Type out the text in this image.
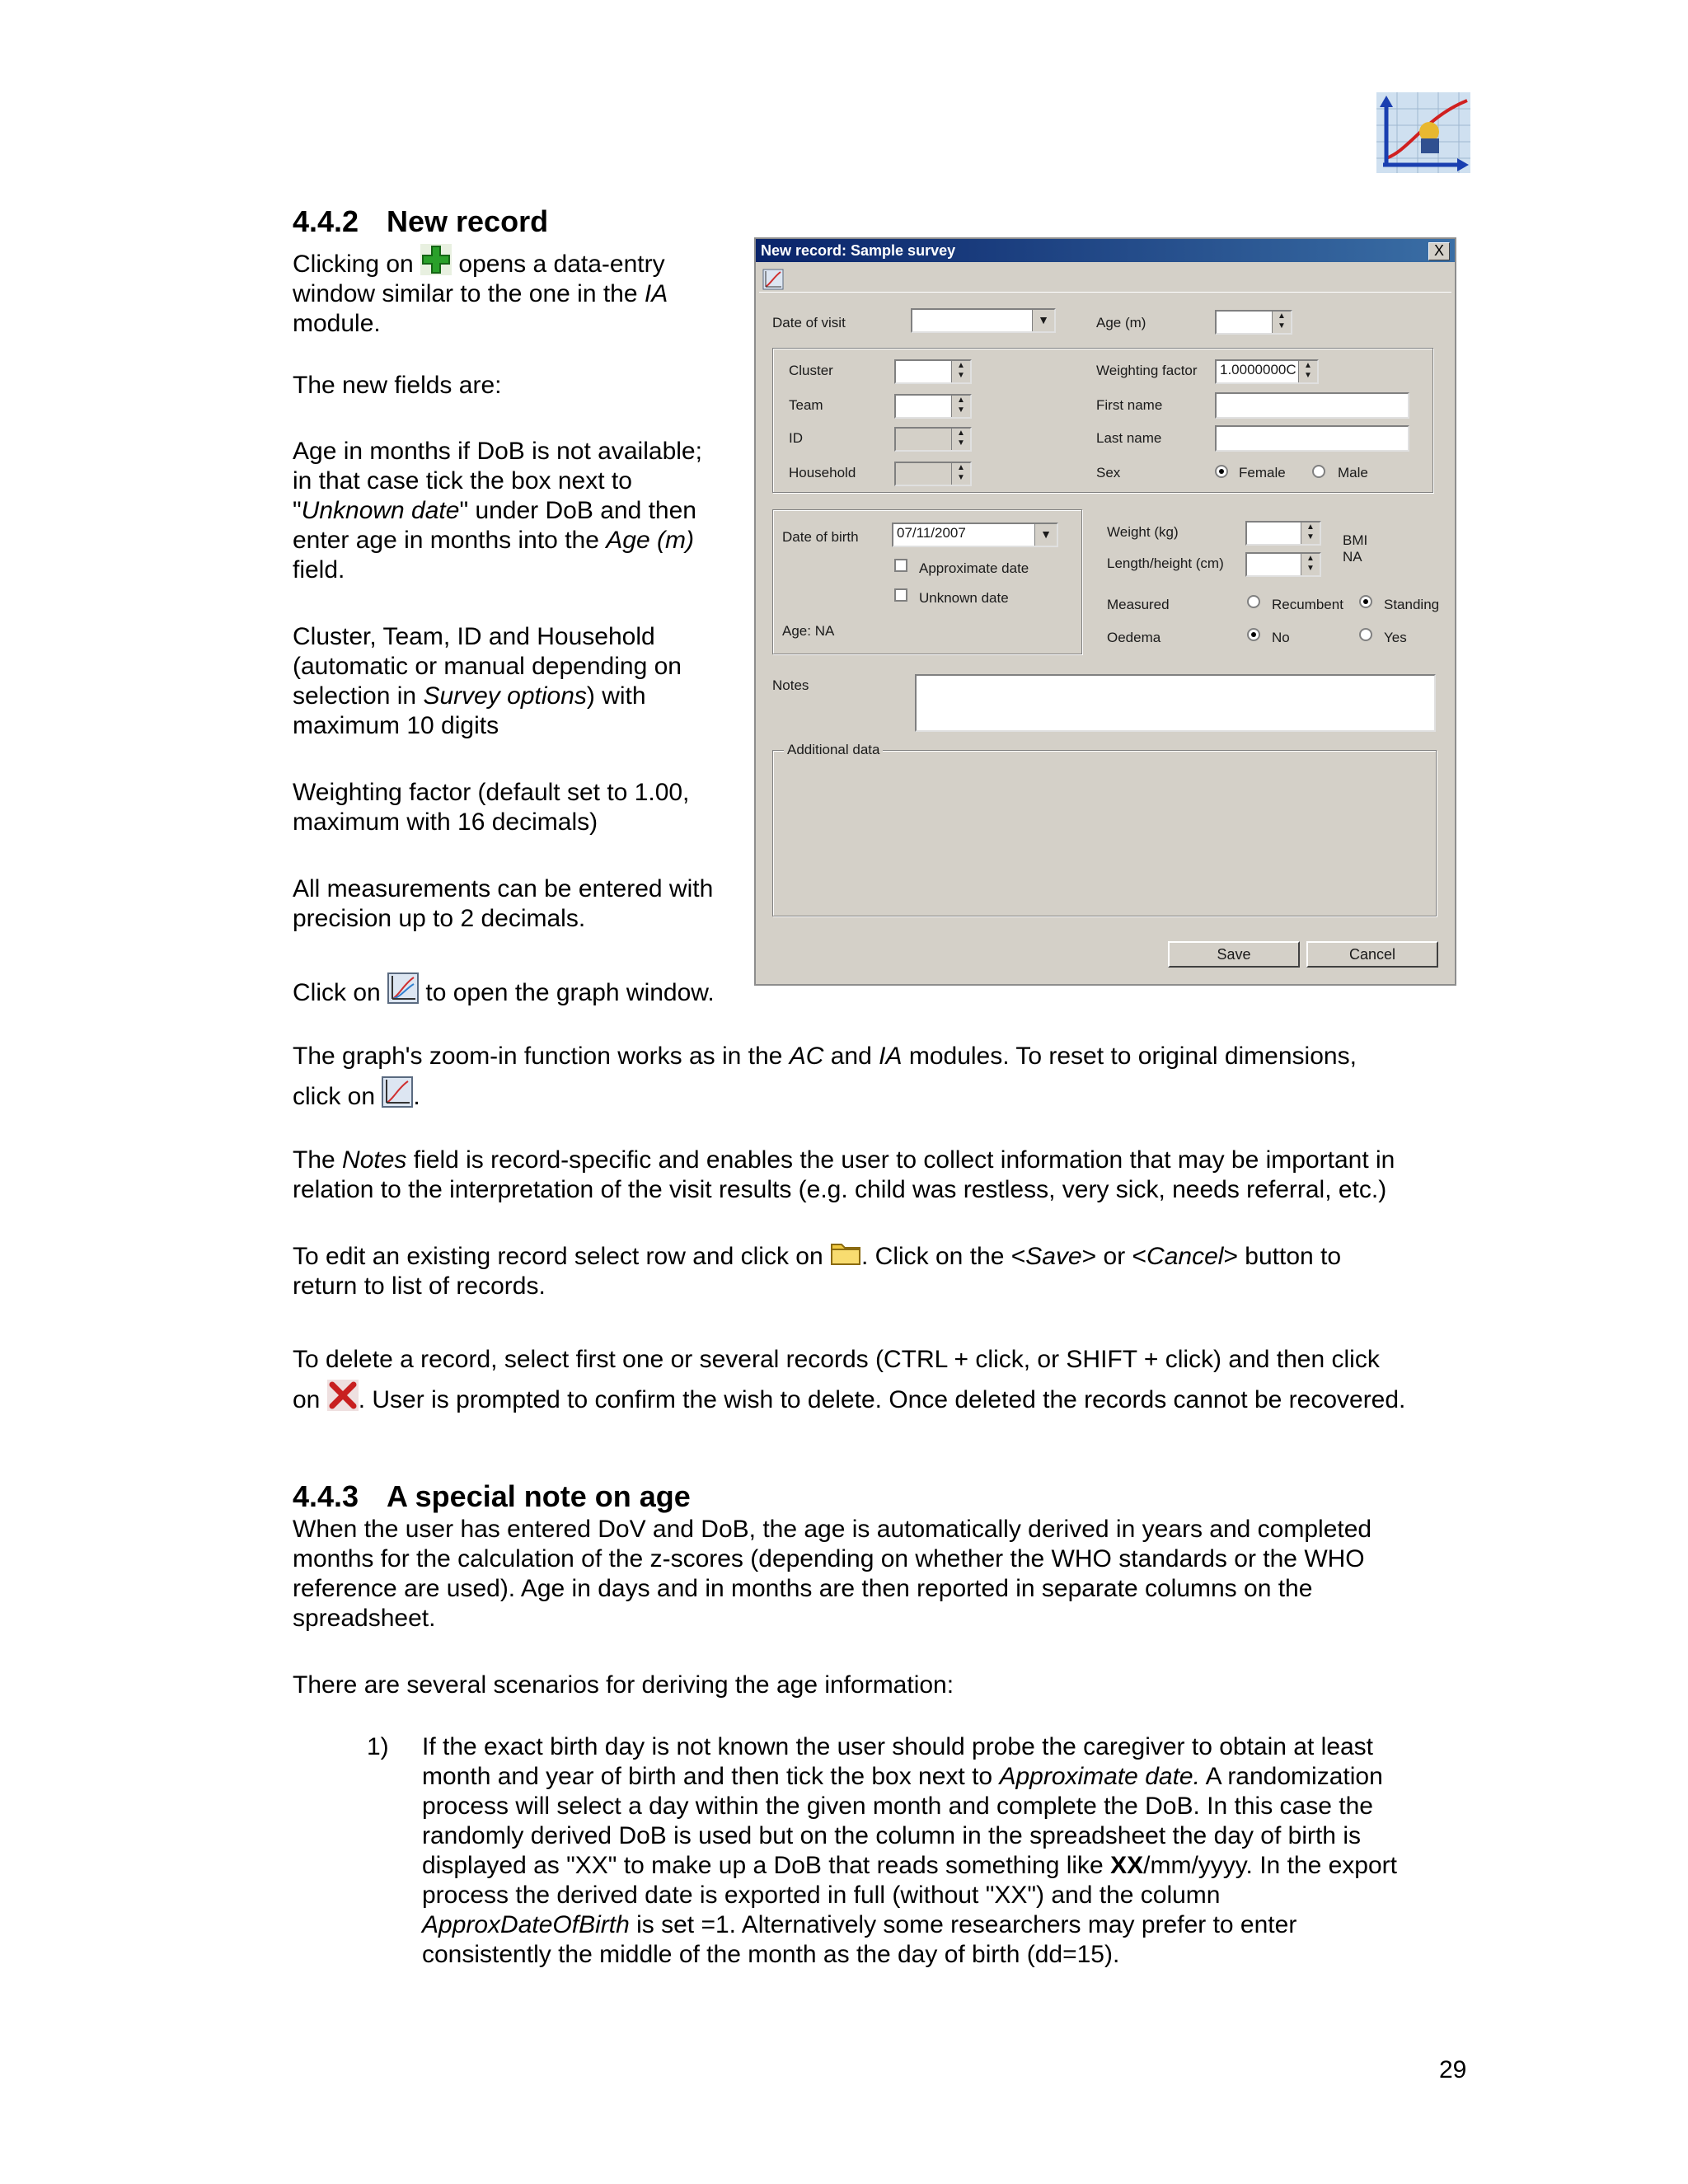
4.4.2 New record
Clicking on opens a data-entry
window similar to the one in the IA
module.
The new fields are:
Age in months if DoB is not available;
in that case tick the box next to
"Unknown date" under DoB and then
enter age in months into the Age (m)
field.
Cluster, Team, ID and Household
(automatic or manual depending on
selection in Survey options) with
maximum 10 digits
Weighting factor (default set to 1.00,
maximum with 16 decimals)
All measurements can be entered with
precision up to 2 decimals.
Click on to open the graph window.
New record: Sample survey	X
Date of visit	▼	Age (m)	▲
▼
Cluster	▲
▼
Team	▲
▼
ID	▲
▼
Household	▲
▼
Weighting factor	1.0000000C ▲
▼
First name
Last name
Sex	Female	Male
Date of birth	07/11/2007	▼
Approximate date
Unknown date
Age: NA
Weight (kg)	▲
▼
Length/height (cm)	▲
▼
BMI
NA
Measured	Recumbent	Standing
Oedema	No	Yes
Notes
Additional data
Save	Cancel
The graph's zoom-in function works as in the AC and IA modules. To reset to original dimensions,
click on .
The Notes field is record-specific and enables the user to collect information that may be important in
relation to the interpretation of the visit results (e.g. child was restless, very sick, needs referral, etc.)
To edit an existing record select row and click on . Click on the <Save> or <Cancel> button to
return to list of records.
To delete a record, select first one or several records (CTRL + click, or SHIFT + click) and then click
on . User is prompted to confirm the wish to delete. Once deleted the records cannot be recovered.
4.4.3 A special note on age
When the user has entered DoV and DoB, the age is automatically derived in years and completed
months for the calculation of the z-scores (depending on whether the WHO standards or the WHO
reference are used). Age in days and in months are then reported in separate columns on the
spreadsheet.
There are several scenarios for deriving the age information:
1) If the exact birth day is not known the user should probe the caregiver to obtain at least
month and year of birth and then tick the box next to Approximate date. A randomization
process will select a day within the given month and complete the DoB. In this case the
randomly derived DoB is used but on the column in the spreadsheet the day of birth is
displayed as "XX" to make up a DoB that reads something like XX/mm/yyyy. In the export
process the derived date is exported in full (without "XX") and the column
ApproxDateOfBirth is set =1. Alternatively some researchers may prefer to enter
consistently the middle of the month as the day of birth (dd=15).
29
